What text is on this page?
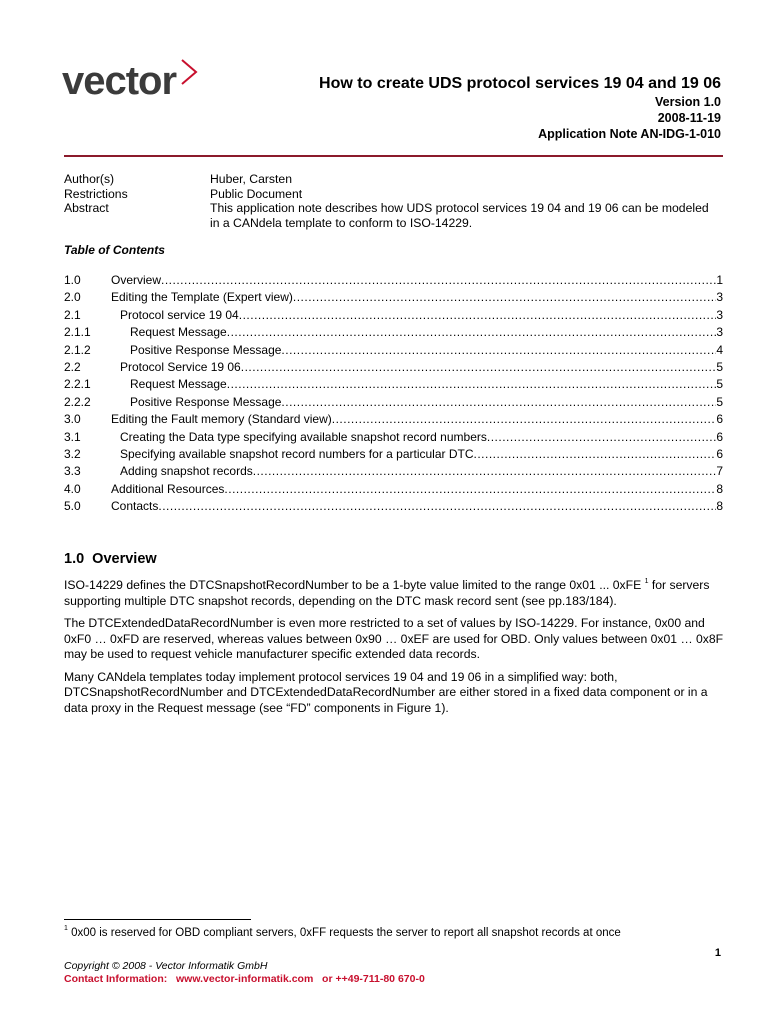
vector	How to create UDS protocol services 19 04 and 19 06
Version 1.0
2008-11-19
Application Note AN-IDG-1-010
Author(s)	Huber, Carsten
Restrictions	Public Document
Abstract	This application note describes how UDS protocol services 19 04 and 19 06 can be modeled in a CANdela template to conform to ISO-14229.
Table of Contents
1.0	Overview .....	1
2.0	Editing the Template (Expert view) .....	3
2.1	Protocol service 19 04 .....	3
2.1.1	Request Message .....	3
2.1.2	Positive Response Message .....	4
2.2	Protocol Service 19 06 .....	5
2.2.1	Request Message .....	5
2.2.2	Positive Response Message .....	5
3.0	Editing the Fault memory (Standard view) .....	6
3.1	Creating the Data type specifying available snapshot record numbers .....	6
3.2	Specifying available snapshot record numbers for a particular DTC .....	6
3.3	Adding snapshot records .....	7
4.0	Additional Resources .....	8
5.0	Contacts .....	8
1.0 Overview

ISO-14229 defines the DTCSnapshotRecordNumber to be a 1-byte value limited to the range 0x01 ... 0xFE $^1$ for servers supporting multiple DTC snapshot records, depending on the DTC mask record sent (see pp.183/184).

The DTCExtendedDataRecordNumber is even more restricted to a set of values by ISO-14229. For instance, 0x00 and 0xF0 … 0xFD are reserved, whereas values between 0x90 … 0xEF are used for OBD. Only values between 0x01 … 0x8F may be used to request vehicle manufacturer specific extended data records.

Many CANdela templates today implement protocol services 19 04 and 19 06 in a simplified way: both, DTCSnapshotRecordNumber and DTCExtendedDataRecordNumber are either stored in a fixed data component or in a data proxy in the Request message (see “FD” components in Figure 1).

$^1$ 0x00 is reserved for OBD compliant servers, 0xFF requests the server to report all snapshot records at once
1
Copyright © 2008 - Vector Informatik GmbH
Contact Information:   www.vector-informatik.com   or ++49-711-80 670-0
